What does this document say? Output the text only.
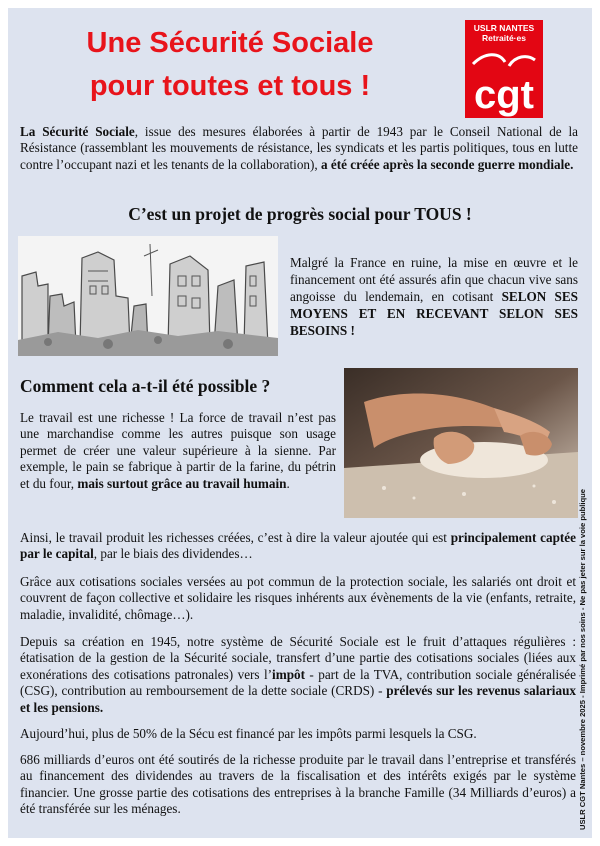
Une Sécurité Sociale
pour toutes et tous !
USLR NANTES
Retraité·es
cgt
La Sécurité Sociale, issue des mesures élaborées à partir de 1943 par le Conseil National de la Résistance (rassemblant les mouvements de résistance, les syndicats et les partis politiques, tous en lutte contre l’occupant nazi et les tenants de la collaboration), a été créée après la seconde guerre mondiale.
C’est un projet de progrès social pour TOUS !
Malgré la France en ruine, la mise en œuvre et le financement ont été assurés afin que chacun vive sans angoisse du lendemain, en cotisant SELON SES MOYENS ET EN RECEVANT SELON SES BESOINS !
Comment cela a-t-il été possible ?
Le travail est une richesse ! La force de travail n’est pas une marchandise comme les autres puisque son usage permet de créer une valeur supérieure à la sienne. Par exemple, le pain se fabrique à partir de la farine, du pétrin et du four, mais surtout grâce au travail humain.
Ainsi, le travail produit les richesses créées, c’est à dire la valeur ajoutée qui est principalement captée par le capital, par le biais des dividendes…
Grâce aux cotisations sociales versées au pot commun de la protection sociale, les salariés ont droit et couvrent de façon collective et solidaire les risques inhérents aux évènements de la vie (enfants, retraite, maladie, invalidité, chômage…).
Depuis sa création en 1945, notre système de Sécurité Sociale est le fruit d’attaques régulières : étatisation de la gestion de la Sécurité sociale, transfert d’une partie des cotisations sociales (liées aux exonérations des cotisations patronales) vers l’impôt - part de la TVA, contribution sociale généralisée (CSG), contribution au remboursement de la dette sociale (CRDS) - prélevés sur les revenus salariaux et les pensions.
Aujourd’hui, plus de 50% de la Sécu est financé par les impôts parmi lesquels la CSG.
686 milliards d’euros ont été soutirés de la richesse produite par le travail dans l’entreprise et transférés au financement des dividendes au travers de la fiscalisation et des intérêts exigés par le système financier. Une grosse partie des cotisations des entreprises à la branche Famille (34 Milliards d’euros) a été transférée sur les ménages.	USLR CGT Nantes – novembre 2025 - Imprimé par nos soins - Ne pas jeter sur la voie publique
